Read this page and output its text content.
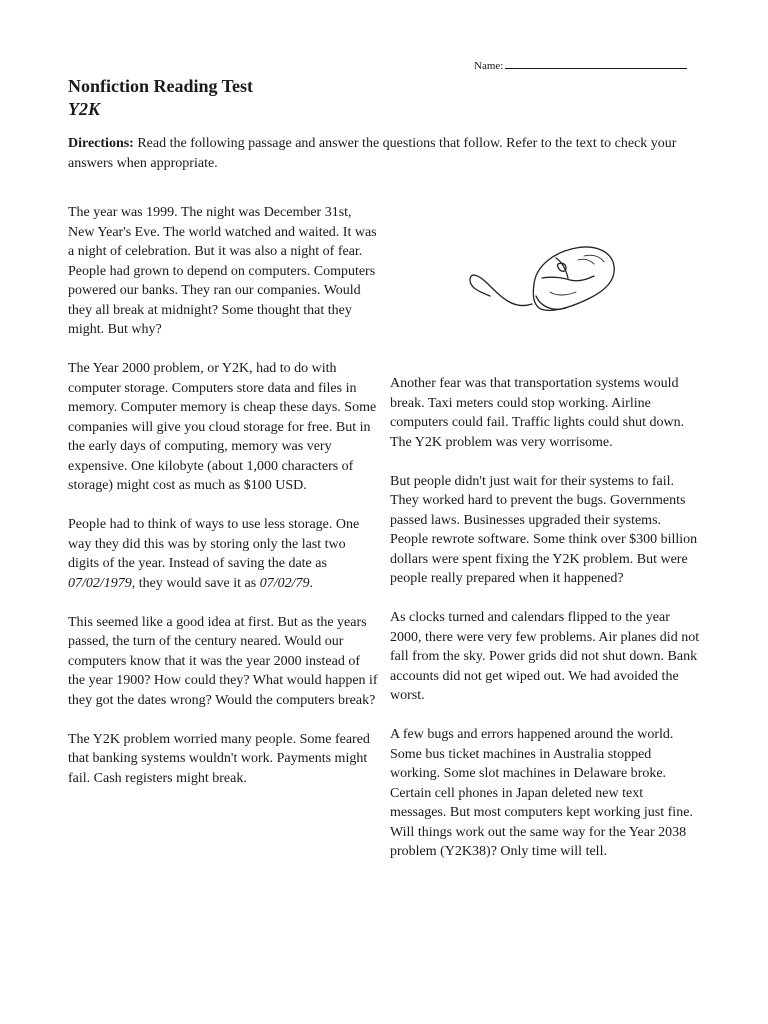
Name:
Nonfiction Reading Test
Y2K

Directions: Read the following passage and answer the questions that follow. Refer to the text to check your answers when appropriate.

The year was 1999. The night was December 31st, New Year's Eve. The world watched and waited. It was a night of celebration. But it was also a night of fear. People had grown to depend on computers. Computers powered our banks. They ran our companies. Would they all break at midnight? Some thought that they might. But why?

The Year 2000 problem, or Y2K, had to do with computer storage. Computers store data and files in memory. Computer memory is cheap these days. Some companies will give you cloud storage for free. But in the early days of computing, memory was very expensive. One kilobyte (about 1,000 characters of storage) might cost as much as $100 USD.

People had to think of ways to use less storage. One way they did this was by storing only the last two digits of the year. Instead of saving the date as 07/02/1979, they would save it as 07/02/79.

This seemed like a good idea at first. But as the years passed, the turn of the century neared. Would our computers know that it was the year 2000 instead of the year 1900? How could they? What would happen if they got the dates wrong? Would the computers break?

The Y2K problem worried many people. Some feared that banking systems wouldn't work. Payments might fail. Cash registers might break.

Another fear was that transportation systems would break. Taxi meters could stop working. Airline computers could fail. Traffic lights could shut down. The Y2K problem was very worrisome.

But people didn't just wait for their systems to fail. They worked hard to prevent the bugs. Governments passed laws. Businesses upgraded their systems. People rewrote software. Some think over $300 billion dollars were spent fixing the Y2K problem. But were people really prepared when it happened?

As clocks turned and calendars flipped to the year 2000, there were very few problems. Air planes did not fall from the sky. Power grids did not shut down. Bank accounts did not get wiped out. We had avoided the worst.

A few bugs and errors happened around the world. Some bus ticket machines in Australia stopped working. Some slot machines in Delaware broke. Certain cell phones in Japan deleted new text messages. But most computers kept working just fine. Will things work out the same way for the Year 2038 problem (Y2K38)? Only time will tell.
